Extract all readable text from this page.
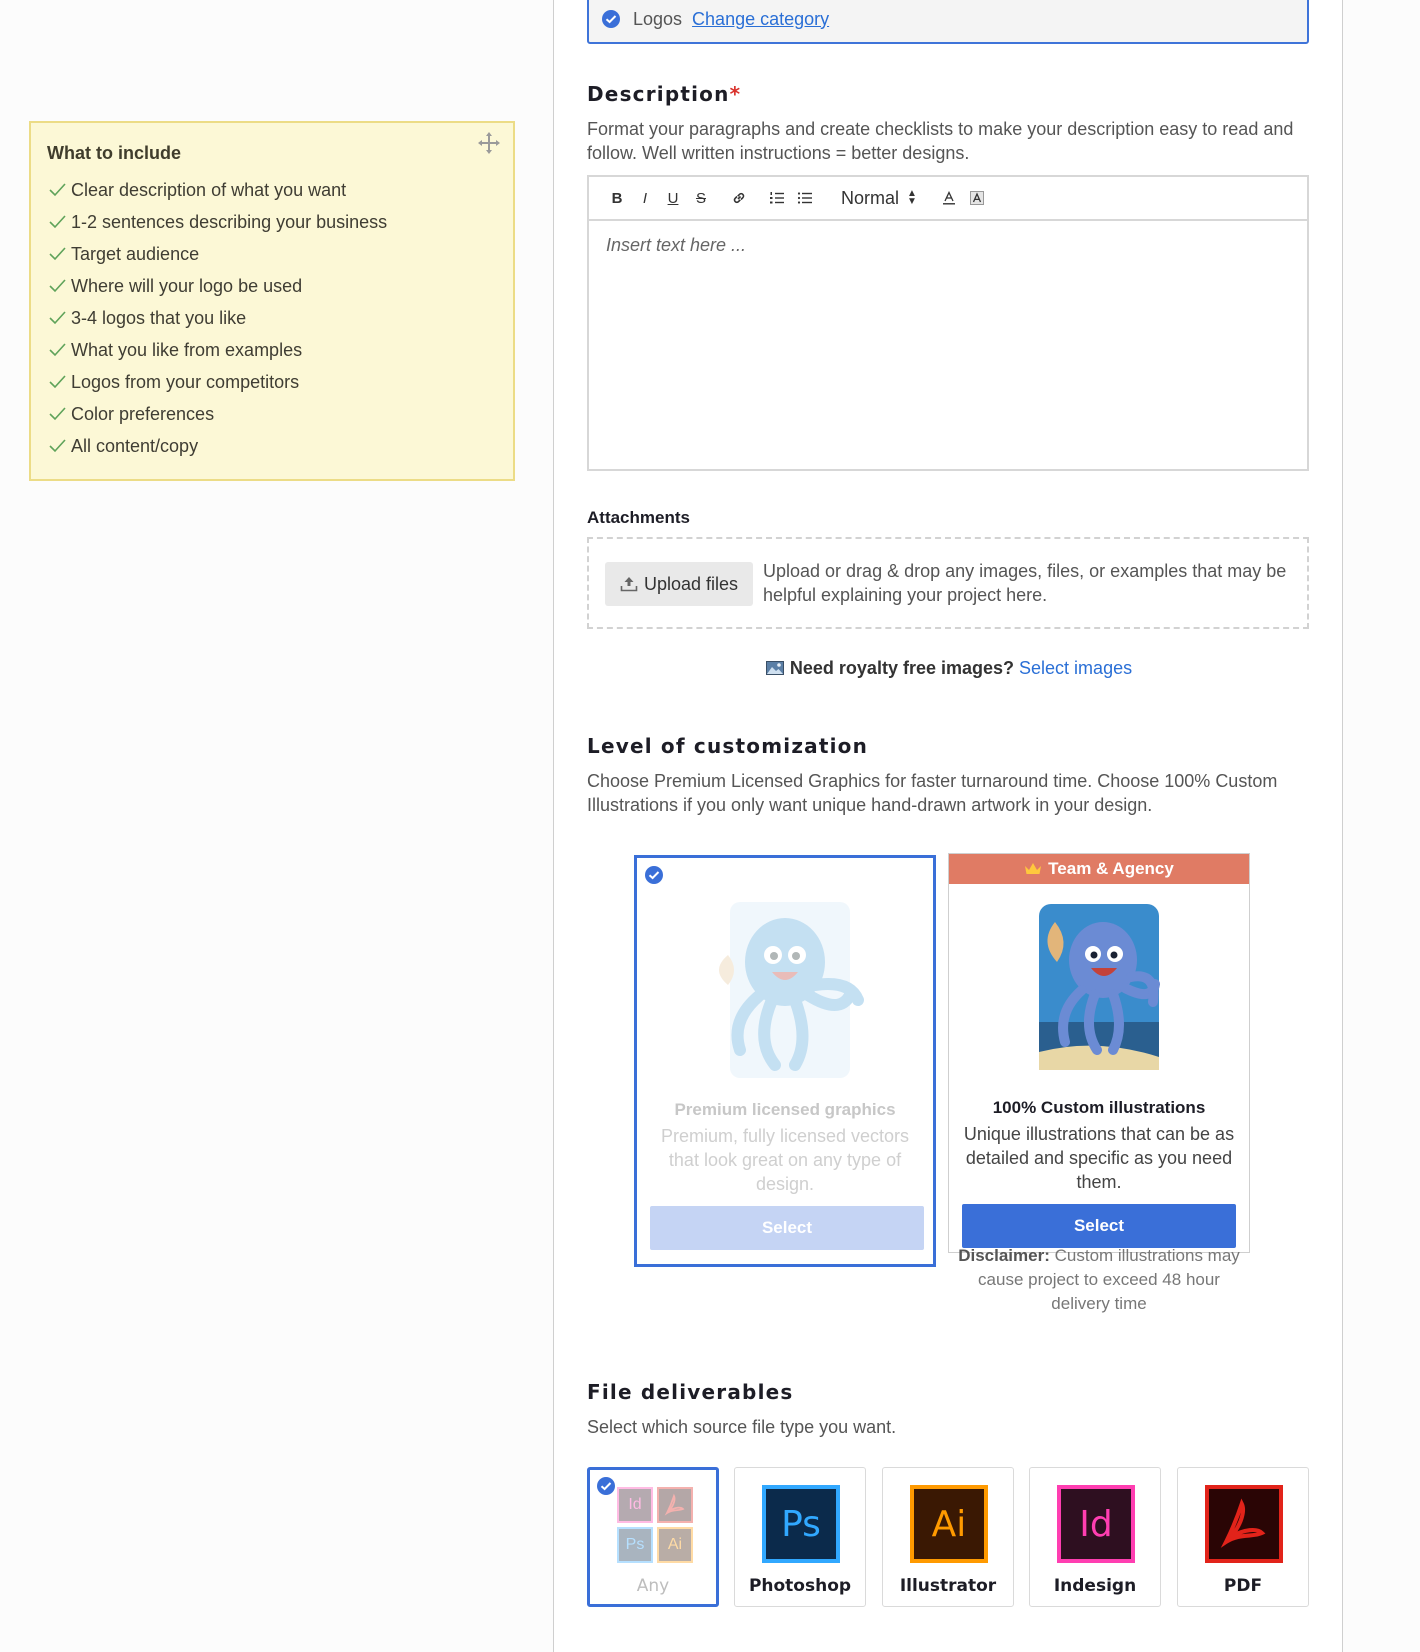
What to include
Clear description of what you want
1-2 sentences describing your business
Target audience
Where will your logo be used
3-4 logos that you like
What you like from examples
Logos from your competitors
Color preferences
All content/copy
Logos Change category
Description*

Format your paragraphs and create checklists to make your description easy to read and follow. Well written instructions = better designs.

B I U S	Normal ▲
▼
Insert text here ...
Attachments
Upload files
Upload or drag & drop any images, files, or examples that may be helpful explaining your project here.
Need royalty free images? Select images
Level of customization

Choose Premium Licensed Graphics for faster turnaround time. Choose 100% Custom Illustrations if you only want unique hand-drawn artwork in your design.

Premium licensed graphics
Premium, fully licensed vectors that look great on any type of design.
Select
Team & Agency
100% Custom illustrations
Unique illustrations that can be as detailed and specific as you need them.
Select
Disclaimer: Custom illustrations may cause project to exceed 48 hour delivery time
File deliverables

Select which source file type you want.

Id
Ps	Ai
Any
Ps
Photoshop
Ai
Illustrator
Id
Indesign	PDF
